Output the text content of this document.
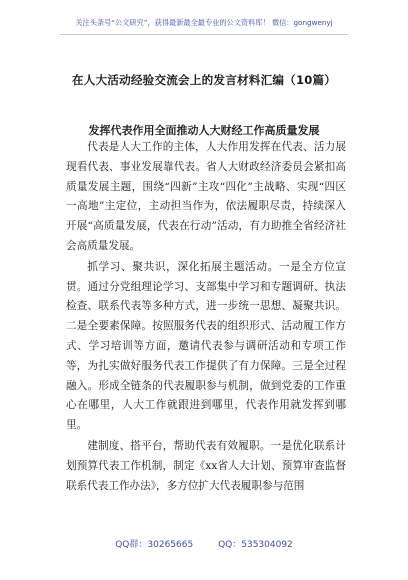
关注头条号“公文研究”，获得最新最全最专业的公文资料库！ 微信：gongwenyj
在人大活动经验交流会上的发言材料汇编（10篇）
发挥代表作用全面推动人大财经工作高质量发展

代表是人大工作的主体，人大作用发挥在代表、活力展现看代表、事业发展靠代表。省人大财政经济委员会紧扣高质量发展主题，围绕“四新”主攻“四化”主战略、实现“四区一高地”主定位，主动担当作为，依法履职尽责，持续深入开展“高质量发展，代表在行动”活动，有力助推全省经济社会高质量发展。

抓学习、聚共识，深化拓展主题活动。一是全方位宣贯。通过分党组理论学习、支部集中学习和专题调研、执法检查、联系代表等多种方式，进一步统一思想、凝聚共识。二是全要素保障。按照服务代表的组织形式、活动履工作方式、学习培训等方面，邀请代表参与调研活动和专项工作等，为扎实做好服务代表工作提供了有力保障。三是全过程融入。形成全链条的代表履职参与机制，做到党委的工作重心在哪里，人大工作就跟进到哪里，代表作用就发挥到哪里。

建制度、搭平台，帮助代表有效履职。一是优化联系计划预算代表工作机制，制定《xx省人大计划、预算审查监督联系代表工作办法》，多方位扩大代表履职参与范围

QQ群：30265665	QQ：535304092
